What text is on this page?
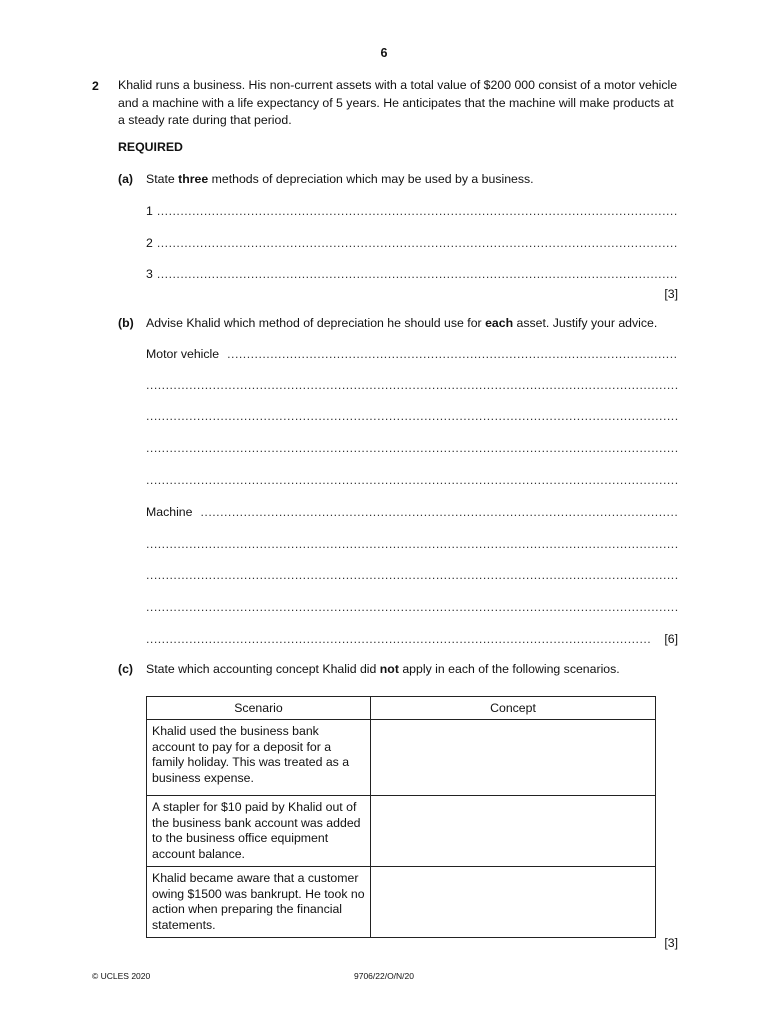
6
2 Khalid runs a business. His non-current assets with a total value of $200 000 consist of a motor vehicle and a machine with a life expectancy of 5 years. He anticipates that the machine will make products at a steady rate during that period.
REQUIRED
(a) State three methods of depreciation which may be used by a business.
1
.....
2
.....
3
.....
[3]
(b) Advise Khalid which method of depreciation he should use for each asset. Justify your advice.
Motor vehicle
.....
.....
.....
.....
.....
Machine
.....
.....
.....
.....
.....
[6]
(c) State which accounting concept Khalid did not apply in each of the following scenarios.
Scenario	Concept
Khalid used the business bank account to pay for a deposit for a family holiday. This was treated as a business expense.	
A stapler for $10 paid by Khalid out of the business bank account was added to the business office equipment account balance.	
Khalid became aware that a customer owing $1500 was bankrupt. He took no action when preparing the financial statements.	
[3]
© UCLES 2020	9706/22/O/N/20
